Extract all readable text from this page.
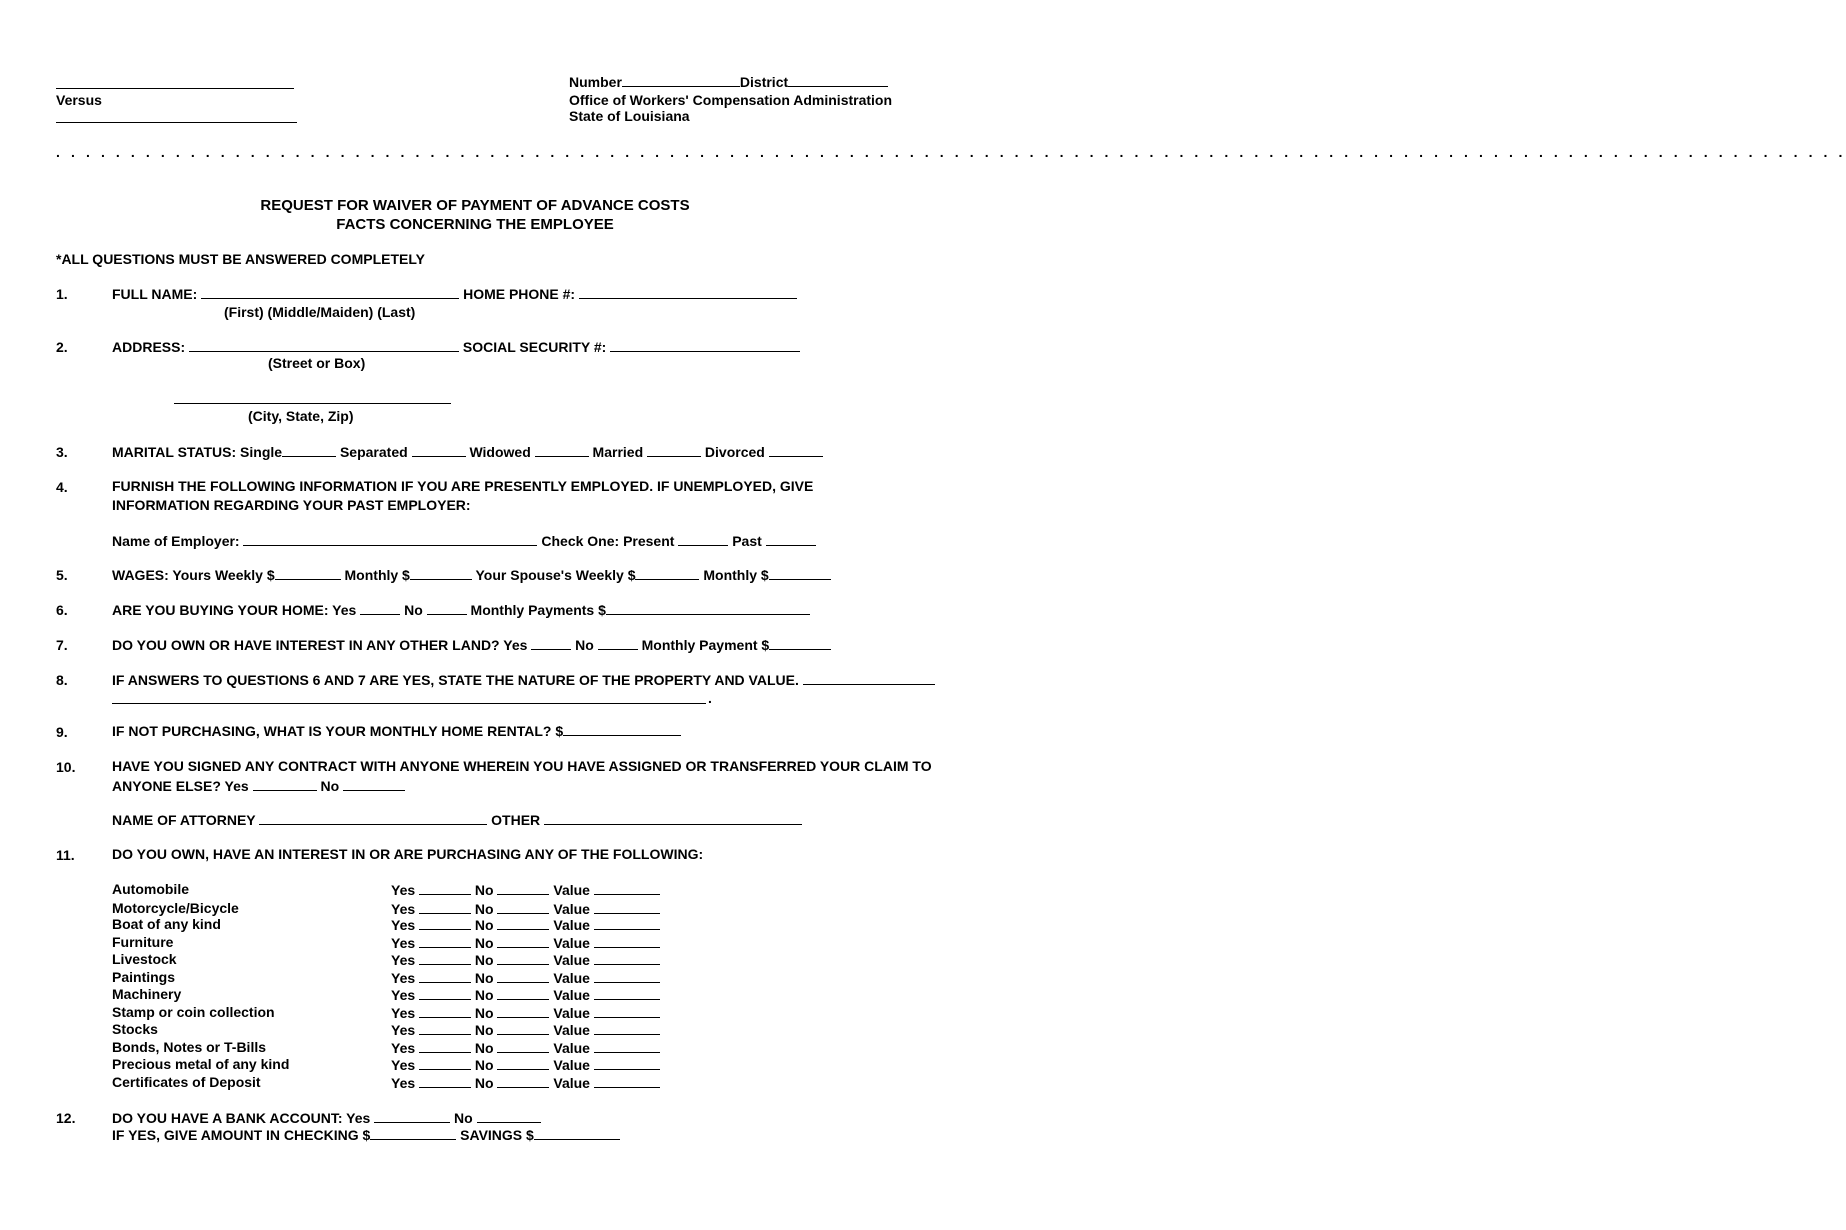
Versus
Number	District
Office of Workers' Compensation Administration
State of Louisiana
. . . . . . . . . . . . . . . . . . . . . . . . . . . . . . . . . . . . . . . . . . . . . . . . . . . . . . . . . . . . . . . . . . . . . . . . . . . . . . . . . . . . . . . . . . . . . . . . . . . . . . . . . . . . . . . . . . . . . . . .
REQUEST FOR WAIVER OF PAYMENT OF ADVANCE COSTS
FACTS CONCERNING THE EMPLOYEE
*ALL QUESTIONS MUST BE ANSWERED COMPLETELY
1.	FULL NAME:	HOME PHONE #:
(First) (Middle/Maiden) (Last)
2.	ADDRESS:	SOCIAL SECURITY #:
(Street or Box)
(City, State, Zip)
3.	MARITAL STATUS: Single	Separated	Widowed	Married	Divorced
4.	FURNISH THE FOLLOWING INFORMATION IF YOU ARE PRESENTLY EMPLOYED. IF UNEMPLOYED, GIVE INFORMATION REGARDING YOUR PAST EMPLOYER:
Name of Employer:	Check One: Present	Past
5.	WAGES: Yours Weekly $	Monthly $	Your Spouse's Weekly $	Monthly $
6.	ARE YOU BUYING YOUR HOME: Yes	No	Monthly Payments $
7.	DO YOU OWN OR HAVE INTEREST IN ANY OTHER LAND? Yes	No	Monthly Payment $
8.	IF ANSWERS TO QUESTIONS 6 AND 7 ARE YES, STATE THE NATURE OF THE PROPERTY AND VALUE.
.
9.	IF NOT PURCHASING, WHAT IS YOUR MONTHLY HOME RENTAL? $
10.	HAVE YOU SIGNED ANY CONTRACT WITH ANYONE WHEREIN YOU HAVE ASSIGNED OR TRANSFERRED YOUR CLAIM TO
ANYONE ELSE? Yes	No
NAME OF ATTORNEY	OTHER
11.	DO YOU OWN, HAVE AN INTEREST IN OR ARE PURCHASING ANY OF THE FOLLOWING:
Automobile	Yes	No	Value
Motorcycle/Bicycle	Yes	No	Value
Boat of any kind	Yes	No	Value
Furniture	Yes	No	Value
Livestock	Yes	No	Value
Paintings	Yes	No	Value
Machinery	Yes	No	Value
Stamp or coin collection	Yes	No	Value
Stocks	Yes	No	Value
Bonds, Notes or T-Bills	Yes	No	Value
Precious metal of any kind	Yes	No	Value
Certificates of Deposit	Yes	No	Value
12.	DO YOU HAVE A BANK ACCOUNT: Yes	No
IF YES, GIVE AMOUNT IN CHECKING $	SAVINGS $
